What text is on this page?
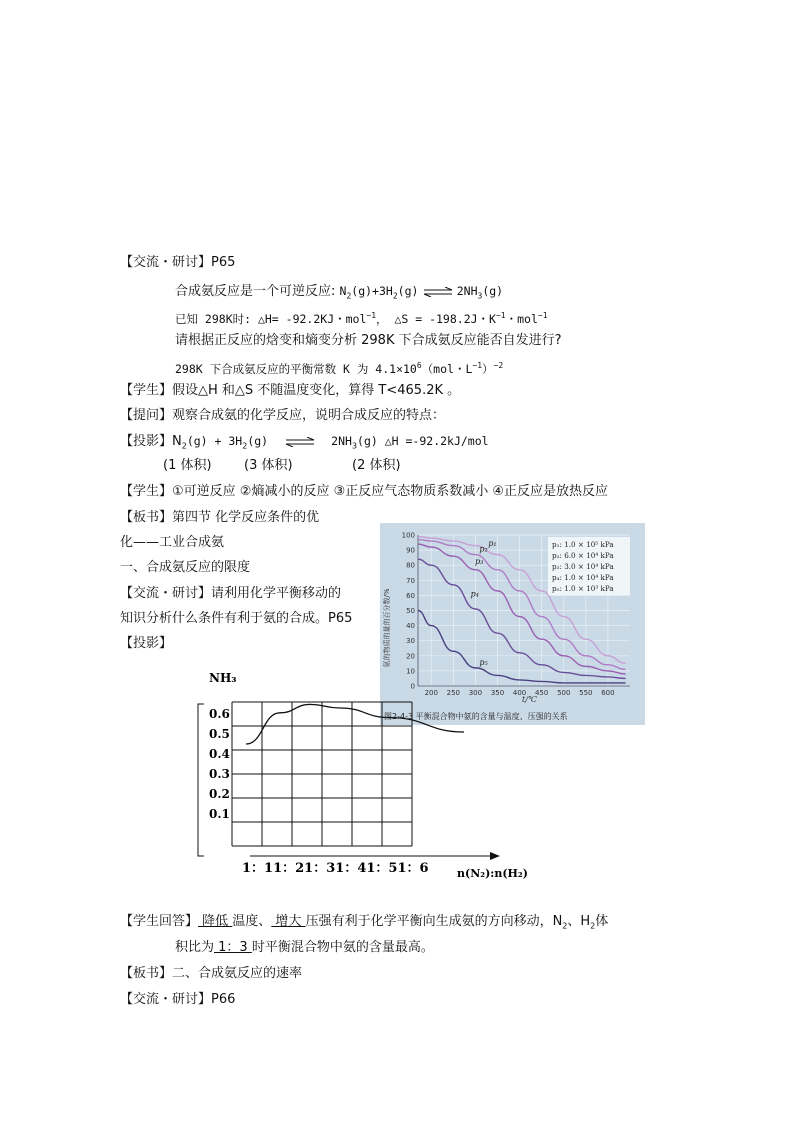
【交流・研讨】P65
合成氨反应是一个可逆反应: $N_2(g)+3H_2(g)$ ⇌ $2NH_3(g)$
已知 298K时: △H= -92.2KJ・mol$^{-1}$， △S = -198.2J・$K^{-1}$・mol$^{-1}$
请根据正反应的焓变和熵变分析 298K 下合成氨反应能否自发进行?
298K 下合成氨反应的平衡常数 K 为 $4.1\times 10^6(mol$・$L^{-1})^{-2}$
【学生】假设△H 和△S 不随温度变化，算得 T<465.2K 。
【提问】观察合成氨的化学反应，说明合成反应的特点：
【投影】$N_2(g) + 3H_2(g)$ ⇌ $2NH_3(g)$ △H =-92.2kJ/mol
(1 体积) (3 体积)	(2 体积)
【学生】①可逆反应 ②熵减小的反应 ③正反应气态物质系数减小 ④正反应是放热反应
【板书】第四节 化学反应条件的优
化——工业合成氨
一、合成氨反应的限度
【交流・研讨】请利用化学平衡移动的
知识分析什么条件有利于氨的合成。P65
【投影】
0
10
20
30
40
50
60
70
80
90
100
200 250 300 350 400 450 500 550 600
p₁: 1.0 × 10⁵ kPa
p₂: 6.0 × 10⁴ kPa
p₃: 3.0 × 10⁴ kPa
p₄: 1.0 × 10⁴ kPa
p₅: 1.0 × 10³ kPa
p₁
p₂
p₃
p₄
p₅
氨的物质的量的百分数/%
t/℃
图2-4-3 平衡混合物中氨的含量与温度、压强的关系
NH₃
0.1
0.2
0.3
0.4
0.5
0.6
1：11：21：31：41：51：6	n(N₂):n(H₂)
【学生回答】 降低 温度、 增大 压强有利于化学平衡向生成氨的方向移动，$N_2$、$H_2$体
积比为 1：3 时平衡混合物中氨的含量最高。
【板书】二、合成氨反应的速率
【交流・研讨】P66
